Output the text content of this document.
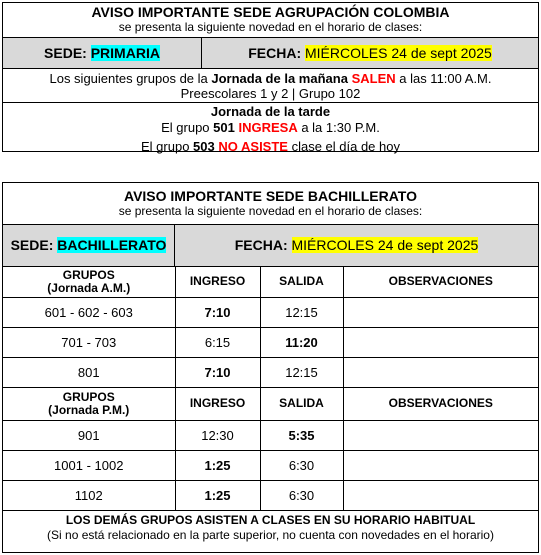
AVISO IMPORTANTE SEDE AGRUPACIÓN COLOMBIA
se presenta la siguiente novedad en el horario de clases:
SEDE: PRIMARIA	FECHA: MIÉRCOLES 24 de sept 2025
Los siguientes grupos de la Jornada de la mañana SALEN a las 11:00 A.M.
Preescolares 1 y 2 | Grupo 102
Jornada de la tarde
El grupo 501 INGRESA a la 1:30 P.M.
El grupo 503 NO ASISTE clase el día de hoy
AVISO IMPORTANTE SEDE BACHILLERATO
se presenta la siguiente novedad en el horario de clases:
SEDE: BACHILLERATO	FECHA: MIÉRCOLES 24 de sept 2025
GRUPOS
(Jornada A.M.)	INGRESO	SALIDA	OBSERVACIONES
601 - 602 - 603	7:10	12:15	
701 - 703	6:15	11:20	
801	7:10	12:15	

GRUPOS
(Jornada P.M.)	INGRESO	SALIDA	OBSERVACIONES
901	12:30	5:35	
1001 - 1002	1:25	6:30	
1102	1:25	6:30	
LOS DEMÁS GRUPOS ASISTEN A CLASES EN SU HORARIO HABITUAL
(Si no está relacionado en la parte superior, no cuenta con novedades en el horario)
